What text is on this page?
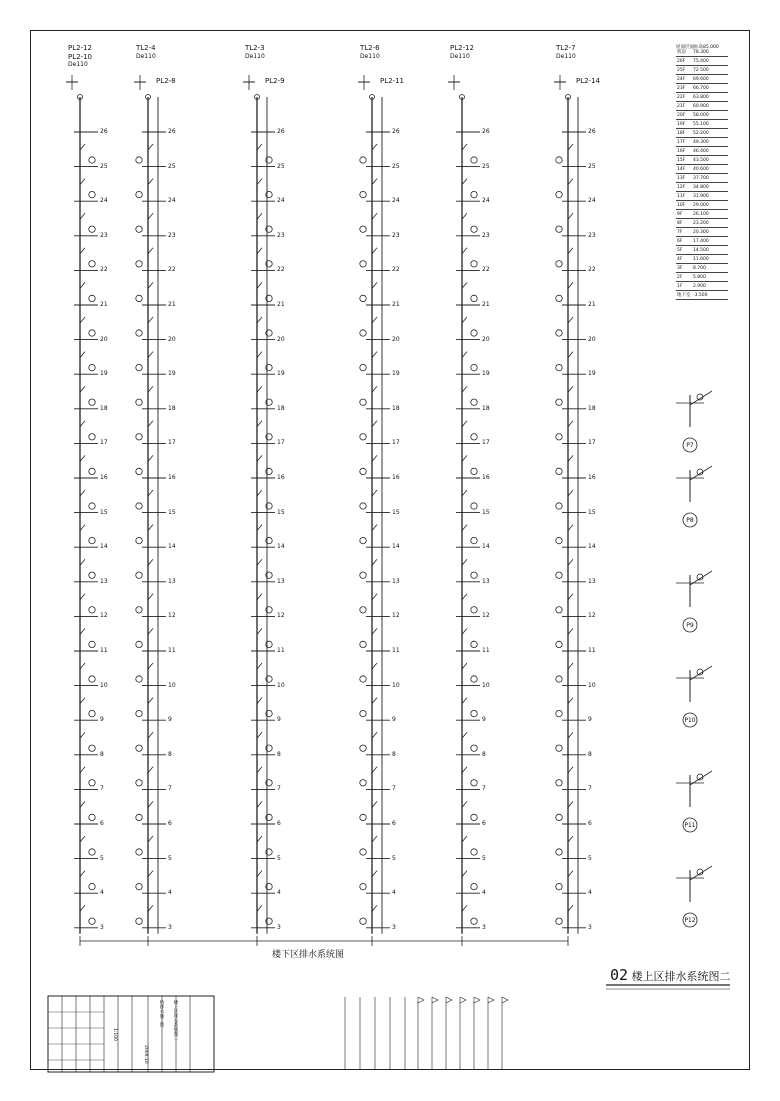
PL2-12
PL2-10
De110
26
25
24
23
22
21
20
19
18
17
16
15
14
13
12
11
10
9
8
7
6
5
4
3
TL2-4
PL2-8
De110
26
25
24
23
22
21
20
19
18
17
16
15
14
13
12
11
10
9
8
7
6
5
4
3
TL2-3
PL2-9
De110
26
25
24
23
22
21
20
19
18
17
16
15
14
13
12
11
10
9
8
7
6
5
4
3
TL2-6
PL2-11
De110
26
25
24
23
22
21
20
19
18
17
16
15
14
13
12
11
10
9
8
7
6
5
4
3
PL2-12
De110
26
25
24
23
22
21
20
19
18
17
16
15
14
13
12
11
10
9
8
7
6
5
4
3
TL2-7
PL2-14
De110
26
25
24
23
22
21
20
19
18
17
16
15
14
13
12
11
10
9
8
7
6
5
4
3
楼下区排水系统图
02 楼上区排水系统图二
屋面层面标高85.000
机房	78.300
26F	75.400
25F	72.500
24F	69.600
23F	66.700
22F	63.800
21F	60.900
20F	58.000
19F	55.100
18F	52.200
17F	49.300
16F	46.400
15F	43.500
14F	40.600
13F	37.700
12F	34.800
11F	31.900
10F	29.000
9F	26.100
8F	23.200
7F	20.300
6F	17.400
5F	14.500
4F	11.600
3F	8.700
2F	5.800
1F	2.900
地下室	-3.500
P7
P8
P9
P10
P11
P12
给排水施工图 楼上区排水系统图二
1:100
2009.10
